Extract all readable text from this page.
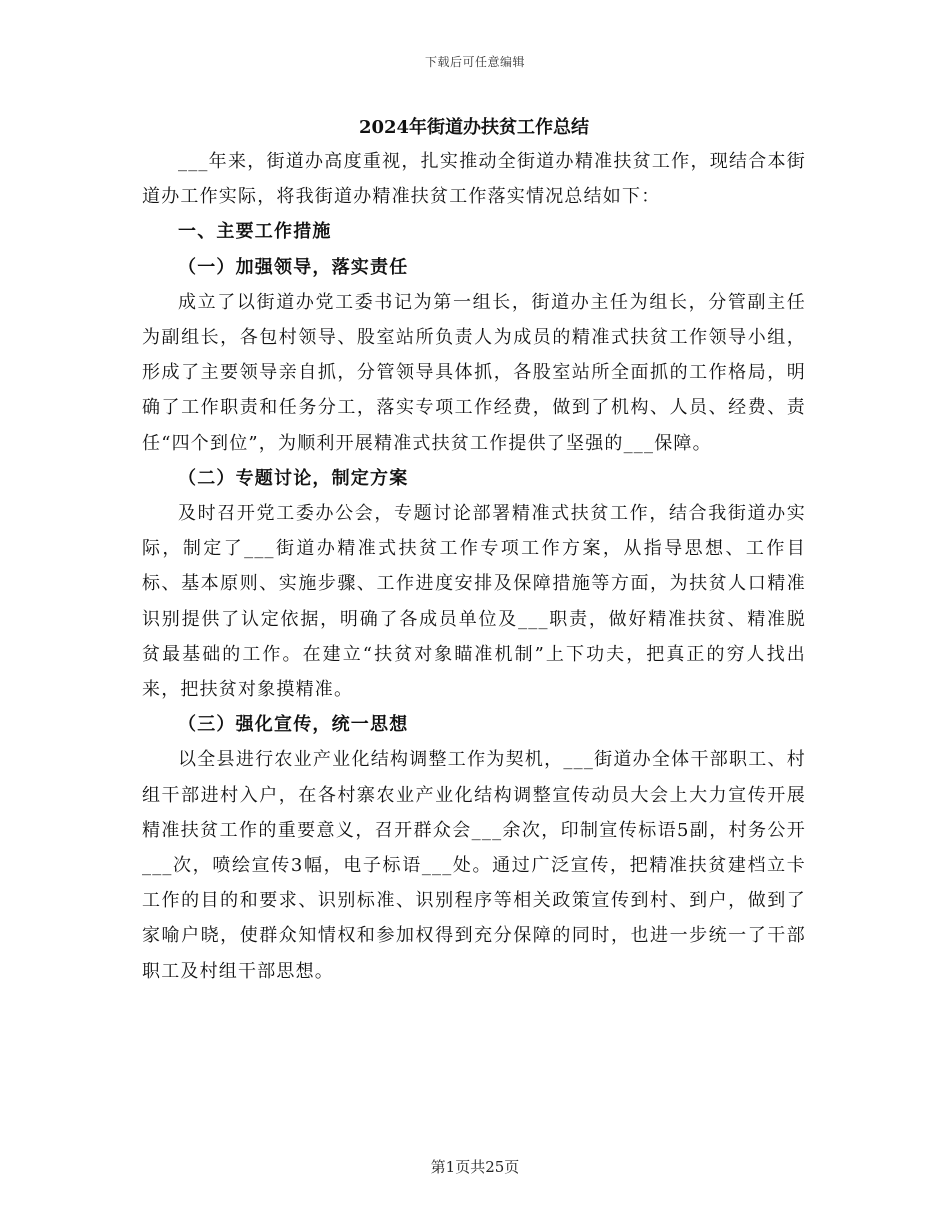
下载后可任意编辑
2024年街道办扶贫工作总结

___年来，街道办高度重视，扎实推动全街道办精准扶贫工作，现结合本街道办工作实际，将我街道办精准扶贫工作落实情况总结如下：

一、主要工作措施
（一）加强领导，落实责任

成立了以街道办党工委书记为第一组长，街道办主任为组长，分管副主任为副组长，各包村领导、股室站所负责人为成员的精准式扶贫工作领导小组，形成了主要领导亲自抓，分管领导具体抓，各股室站所全面抓的工作格局，明确了工作职责和任务分工，落实专项工作经费，做到了机构、人员、经费、责任“四个到位”，为顺利开展精准式扶贫工作提供了坚强的___保障。

（二）专题讨论，制定方案

及时召开党工委办公会，专题讨论部署精准式扶贫工作，结合我街道办实际，制定了___街道办精准式扶贫工作专项工作方案，从指导思想、工作目标、基本原则、实施步骤、工作进度安排及保障措施等方面，为扶贫人口精准识别提供了认定依据，明确了各成员单位及___职责，做好精准扶贫、精准脱贫最基础的工作。在建立“扶贫对象瞄准机制”上下功夫，把真正的穷人找出来，把扶贫对象摸精准。

（三）强化宣传，统一思想

以全县进行农业产业化结构调整工作为契机，___街道办全体干部职工、村组干部进村入户，在各村寨农业产业化结构调整宣传动员大会上大力宣传开展精准扶贫工作的重要意义，召开群众会___余次，印制宣传标语5副，村务公开___次，喷绘宣传3幅，电子标语___处。通过广泛宣传，把精准扶贫建档立卡工作的目的和要求、识别标准、识别程序等相关政策宣传到村、到户，做到了家喻户晓，使群众知情权和参加权得到充分保障的同时，也进一步统一了干部职工及村组干部思想。

第1页共25页
